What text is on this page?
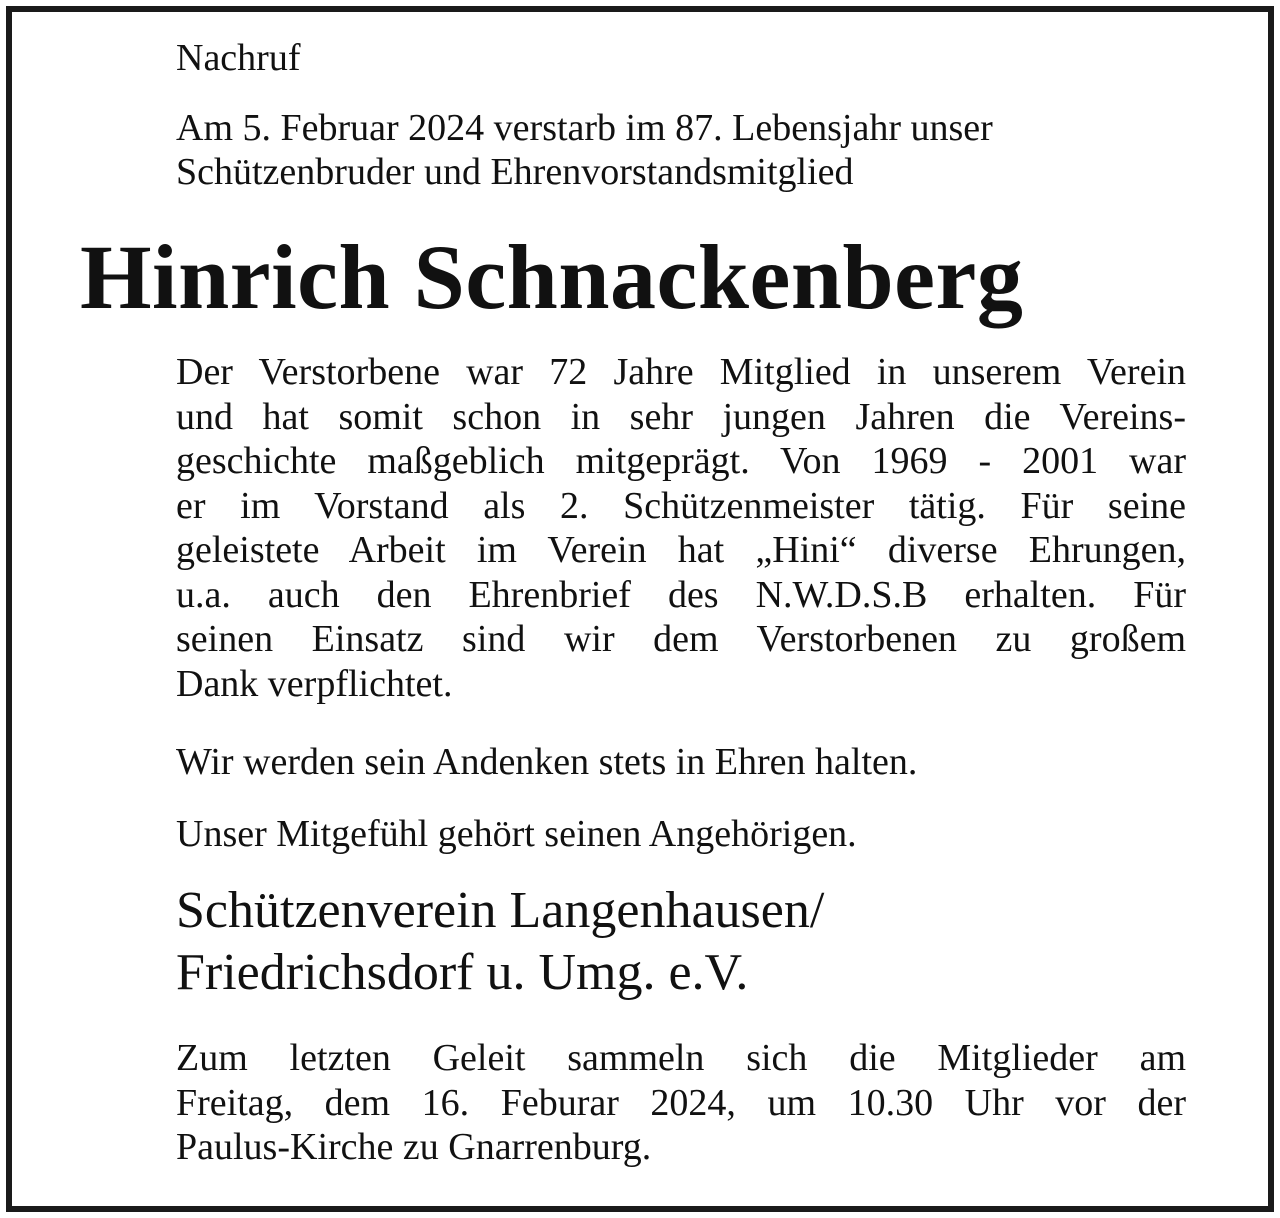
Nachruf

Am 5. Februar 2024 verstarb im 87. Lebensjahr unser
Schützenbruder und Ehrenvorstandsmitglied

Hinrich Schnackenberg

Der Verstorbene war 72 Jahre Mitglied in unserem Verein
und hat somit schon in sehr jungen Jahren die Vereins-
geschichte maßgeblich mitgeprägt. Von 1969 - 2001 war
er im Vorstand als 2. Schützenmeister tätig. Für seine
geleistete Arbeit im Verein hat „Hini“ diverse Ehrungen,
u.a. auch den Ehrenbrief des N.W.D.S.B erhalten. Für
seinen Einsatz sind wir dem Verstorbenen zu großem
Dank verpflichtet.

Wir werden sein Andenken stets in Ehren halten.

Unser Mitgefühl gehört seinen Angehörigen.

Schützenverein Langenhausen/
Friedrichsdorf u. Umg. e.V.

Zum letzten Geleit sammeln sich die Mitglieder am
Freitag, dem 16. Feburar 2024, um 10.30 Uhr vor der
Paulus-Kirche zu Gnarrenburg.
